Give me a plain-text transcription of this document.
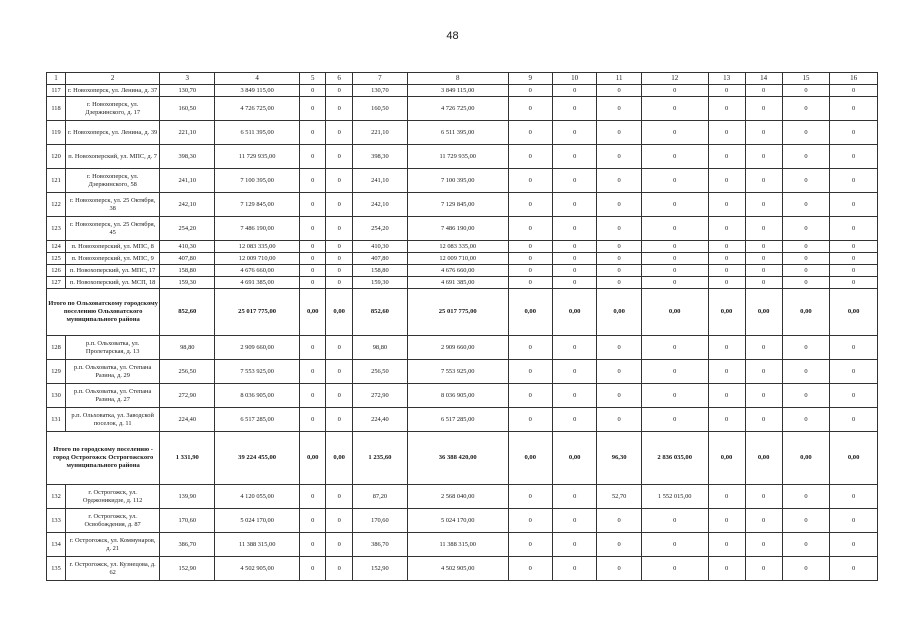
48
1	2	3	4	5	6	7	8	9	10	11	12	13	14	15	16
117	г. Новохоперск, ул. Ленина, д. 37	130,70	3 849 115,00	0	0	130,70	3 849 115,00	0	0	0	0	0	0	0	0
118	г. Новохоперск, ул. Дзержинского, д. 17	160,50	4 726 725,00	0	0	160,50	4 726 725,00	0	0	0	0	0	0	0	0
119	г. Новохоперск, ул. Ленина, д. 39	221,10	6 511 395,00	0	0	221,10	6 511 395,00	0	0	0	0	0	0	0	0
120	п. Новохоперский, ул. МПС, д. 7	398,30	11 729 935,00	0	0	398,30	11 729 935,00	0	0	0	0	0	0	0	0
121	г. Новохоперск, ул. Дзержинского, 58	241,10	7 100 395,00	0	0	241,10	7 100 395,00	0	0	0	0	0	0	0	0
122	г. Новохоперск, ул. 25 Октября, 38	242,10	7 129 845,00	0	0	242,10	7 129 845,00	0	0	0	0	0	0	0	0
123	г. Новохоперск, ул. 25 Октября, 45	254,20	7 486 190,00	0	0	254,20	7 486 190,00	0	0	0	0	0	0	0	0
124	п. Новохоперский, ул. МПС, 8	410,30	12 083 335,00	0	0	410,30	12 083 335,00	0	0	0	0	0	0	0	0
125	п. Новохоперский, ул. МПС, 9	407,80	12 009 710,00	0	0	407,80	12 009 710,00	0	0	0	0	0	0	0	0
126	п. Новохоперский, ул. МПС, 17	158,80	4 676 660,00	0	0	158,80	4 676 660,00	0	0	0	0	0	0	0	0
127	п. Новохоперский, ул. МСП, 18	159,30	4 691 385,00	0	0	159,30	4 691 385,00	0	0	0	0	0	0	0	0
Итого по Ольховатскому городскому поселению Ольховатского муниципального района		852,60	25 017 775,00	0,00	0,00	852,60	25 017 775,00	0,00	0,00	0,00	0,00	0,00	0,00	0,00	0,00
128	р.п. Ольховатка, ул. Пролетарская, д. 13	98,80	2 909 660,00	0	0	98,80	2 909 660,00	0	0	0	0	0	0	0	0
129	р.п. Ольховатка, ул. Степана Разина, д. 29	256,50	7 553 925,00	0	0	256,50	7 553 925,00	0	0	0	0	0	0	0	0
130	р.п. Ольховатка, ул. Степана Разина, д. 27	272,90	8 036 905,00	0	0	272,90	8 036 905,00	0	0	0	0	0	0	0	0
131	р.п. Ольховатка, ул. Заводской поселок, д. 11	224,40	6 517 285,00	0	0	224,40	6 517 285,00	0	0	0	0	0	0	0	0
Итого по городскому поселению - город Острогожск Острогожского муниципального района		1 331,90	39 224 455,00	0,00	0,00	1 235,60	36 388 420,00	0,00	0,00	96,30	2 836 035,00	0,00	0,00	0,00	0,00
132	г. Острогожск, ул. Орджоникидзе, д. 112	139,90	4 120 055,00	0	0	87,20	2 568 040,00	0	0	52,70	1 552 015,00	0	0	0	0
133	г. Острогожск, ул. Освобождения, д. 87	170,60	5 024 170,00	0	0	170,60	5 024 170,00	0	0	0	0	0	0	0	0
134	г. Острогожск, ул. Коммунаров, д. 21	386,70	11 388 315,00	0	0	386,70	11 388 315,00	0	0	0	0	0	0	0	0
135	г. Острогожск, ул. Кузнецова, д. 62	152,90	4 502 905,00	0	0	152,90	4 502 905,00	0	0	0	0	0	0	0	0
